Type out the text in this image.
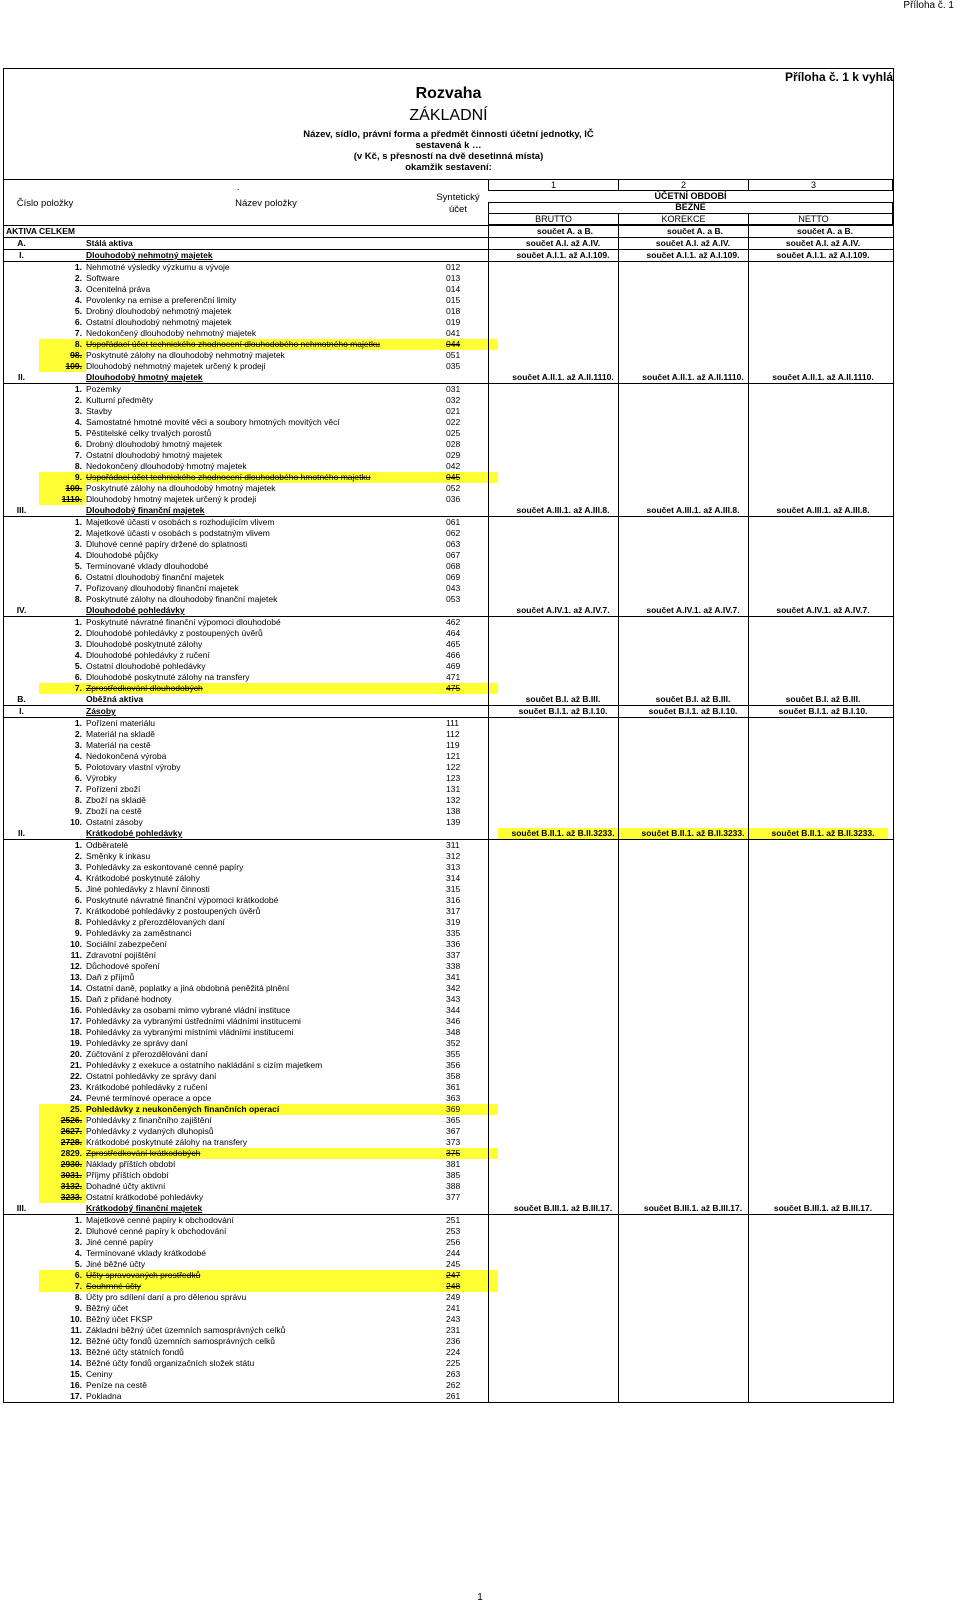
Příloha č. 1
Příloha č. 1 k vyhlá
Rozvaha
ZÁKLADNÍ
Název, sídlo, právní forma a předmět činnosti účetní jednotky, IČ
sestavená k …
(v Kč, s přesností na dvě desetinná místa)
okamžik sestavení:
.
Číslo položky	Název položky
Syntetický účet
1	2	3
ÚČETNÍ OBDOBÍ
BĚŽNÉ
BRUTTO	KOREKCE	NETTO
AKTIVA CELKEM	součet A. a B.	součet A. a B.	součet A. a B.
A.	Stálá aktiva	součet A.I. až A.IV.	součet A.I. až A.IV.	součet A.I. až A.IV.
I.	Dlouhodobý nehmotný majetek	součet A.I.1. až A.I.109.	součet A.I.1. až A.I.109.	součet A.I.1. až A.I.109.
1. Nehmotné výsledky výzkumu a vývoje	012
2. Software	013
3. Ocenitelná práva	014
4. Povolenky na emise a preferenční limity	015
5. Drobný dlouhodobý nehmotný majetek	018
6. Ostatní dlouhodobý nehmotný majetek	019
7. Nedokončený dlouhodobý nehmotný majetek	041
8. Uspořádací účet technického zhodnocení dlouhodobého nehmotného majetku	044
98. Poskytnuté zálohy na dlouhodobý nehmotný majetek	051
109. Dlouhodobý nehmotný majetek určený k prodeji	035
II.	Dlouhodobý hmotný majetek	součet A.II.1. až A.II.1110.	součet A.II.1. až A.II.1110.	součet A.II.1. až A.II.1110.
1. Pozemky	031
2. Kulturní předměty	032
3. Stavby	021
4. Samostatné hmotné movité věci a soubory hmotných movitých věcí	022
5. Pěstitelské celky trvalých porostů	025
6. Drobný dlouhodobý hmotný majetek	028
7. Ostatní dlouhodobý hmotný majetek	029
8. Nedokončený dlouhodobý hmotný majetek	042
9. Uspořádací účet technického zhodnocení dlouhodobého hmotného majetku	045
109. Poskytnuté zálohy na dlouhodobý hmotný majetek	052
1110. Dlouhodobý hmotný majetek určený k prodeji	036
III.	Dlouhodobý finanční majetek	součet A.III.1. až A.III.8.	součet A.III.1. až A.III.8.	součet A.III.1. až A.III.8.
1. Majetkové účasti v osobách s rozhodujícím vlivem	061
2. Majetkové účasti v osobách s podstatným vlivem	062
3. Dluhové cenné papíry držené do splatnosti	063
4. Dlouhodobé půjčky	067
5. Termínované vklady dlouhodobé	068
6. Ostatní dlouhodobý finanční majetek	069
7. Pořizovaný dlouhodobý finanční majetek	043
8. Poskytnuté zálohy na dlouhodobý finanční majetek	053
IV.	Dlouhodobé pohledávky	součet A.IV.1. až A.IV.7.	součet A.IV.1. až A.IV.7.	součet A.IV.1. až A.IV.7.
1. Poskytnuté návratné finanční výpomoci dlouhodobé	462
2. Dlouhodobé pohledávky z postoupených úvěrů	464
3. Dlouhodobé poskytnuté zálohy	465
4. Dlouhodobé pohledávky z ručení	466
5. Ostatní dlouhodobé pohledávky	469
6. Dlouhodobé poskytnuté zálohy na transfery	471
7. Zprostředkování dlouhodobých	475
B.	Oběžná aktiva	součet B.I. až B.III.	součet B.I. až B.III.	součet B.I. až B.III.
I.	Zásoby	součet B.I.1. až B.I.10.	součet B.I.1. až B.I.10.	součet B.I.1. až B.I.10.
1. Pořízení materiálu	111
2. Materiál na skladě	112
3. Materiál na cestě	119
4. Nedokončená výroba	121
5. Polotovary vlastní výroby	122
6. Výrobky	123
7. Pořízení zboží	131
8. Zboží na skladě	132
9. Zboží na cestě	138
10. Ostatní zásoby	139
II.	Krátkodobé pohledávky	součet B.II.1. až B.II.3233.	součet B.II.1. až B.II.3233.	součet B.II.1. až B.II.3233.
1. Odběratelé	311
2. Směnky k inkasu	312
3. Pohledávky za eskontované cenné papíry	313
4. Krátkodobé poskytnuté zálohy	314
5. Jiné pohledávky z hlavní činnosti	315
6. Poskytnuté návratné finanční výpomoci krátkodobé	316
7. Krátkodobé pohledávky z postoupených úvěrů	317
8. Pohledávky z přerozdělovaných daní	319
9. Pohledávky za zaměstnanci	335
10. Sociální zabezpečení	336
11. Zdravotní pojištění	337
12. Důchodové spoření	338
13. Daň z příjmů	341
14. Ostatní daně, poplatky a jiná obdobná peněžitá plnění	342
15. Daň z přidané hodnoty	343
16. Pohledávky za osobami mimo vybrané vládní instituce	344
17. Pohledávky za vybranými ústředními vládními institucemi	346
18. Pohledávky za vybranými místními vládními institucemi	348
19. Pohledávky ze správy daní	352
20. Zúčtování z přerozdělování daní	355
21. Pohledávky z exekuce a ostatního nakládání s cizím majetkem	356
22. Ostatní pohledávky ze správy daní	358
23. Krátkodobé pohledávky z ručení	361
24. Pevné termínové operace a opce	363
25. Pohledávky z neukončených finančních operací	369
2526. Pohledávky z finančního zajištění	365
2627. Pohledávky z vydaných dluhopisů	367
2728. Krátkodobé poskytnuté zálohy na transfery	373
2829. Zprostředkování krátkodobých	375
2930. Náklady příštích období	381
3031. Příjmy příštích období	385
3132. Dohadné účty aktivní	388
3233. Ostatní krátkodobé pohledávky	377
III.	Krátkodobý finanční majetek	součet B.III.1. až B.III.17.	součet B.III.1. až B.III.17.	součet B.III.1. až B.III.17.
1. Majetkové cenné papíry k obchodování	251
2. Dluhové cenné papíry k obchodování	253
3. Jiné cenné papíry	256
4. Termínované vklady krátkodobé	244
5. Jiné běžné účty	245
6. Účty spravovaných prostředků	247
7. Souhrnné účty	248
8. Účty pro sdílení daní a pro dělenou správu	249
9. Běžný účet	241
10. Běžný účet FKSP	243
11. Základní běžný účet územních samosprávných celků	231
12. Běžné účty fondů územních samosprávných celků	236
13. Běžné účty státních fondů	224
14. Běžné účty fondů organizačních složek státu	225
15. Ceniny	263
16. Peníze na cestě	262
17. Pokladna	261
1
